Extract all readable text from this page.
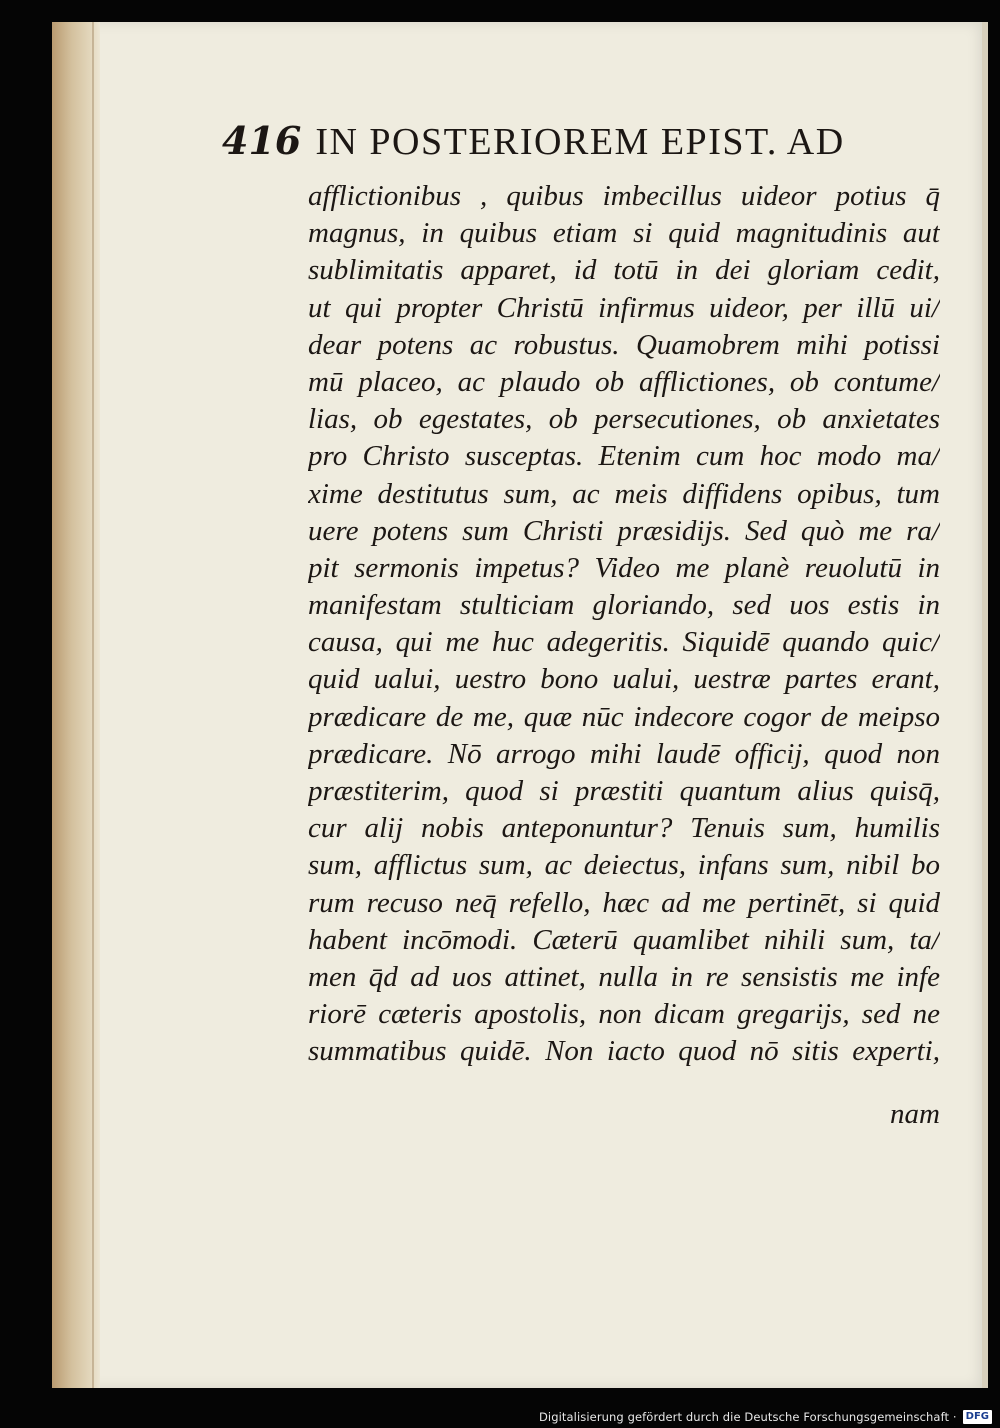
416 IN POSTERIOREM EPIST. AD
afflictionibus , quibus imbecillus uideor potius q̄
magnus, in quibus etiam si quid magnitudinis aut
sublimitatis apparet, id totū in dei gloriam cedit,
ut qui propter Christū infirmus uideor, per illū ui/
dear potens ac robustus. Quamobrem mihi potissi
mū placeo, ac plaudo ob afflictiones, ob contume/
lias, ob egestates, ob persecutiones, ob anxietates
pro Christo susceptas. Etenim cum hoc modo ma/
xime destitutus sum, ac meis diffidens opibus, tum
uere potens sum Christi præsidijs. Sed quò me ra/
pit sermonis impetus? Video me planè reuolutū in
manifestam stulticiam gloriando, sed uos estis in
causa, qui me huc adegeritis. Siquidē quando quic/
quid ualui, uestro bono ualui, uestræ partes erant,
prædicare de me, quæ nūc indecore cogor de meipso
prædicare. Nō arrogo mihi laudē officij, quod non
præstiterim, quod si præstiti quantum alius quisq̄,
cur alij nobis anteponuntur? Tenuis sum, humilis
sum, afflictus sum, ac deiectus, infans sum, nibil bo
rum recuso neq̄ refello, hæc ad me pertinēt, si quid
habent incōmodi. Cæterū quamlibet nihili sum, ta/
men q̄d ad uos attinet, nulla in re sensistis me infe
riorē cæteris apostolis, non dicam gregarijs, sed ne
summatibus quidē. Non iacto quod nō sitis experti,
nam
Digitalisierung gefördert durch die Deutsche Forschungsgemeinschaft · DFG
